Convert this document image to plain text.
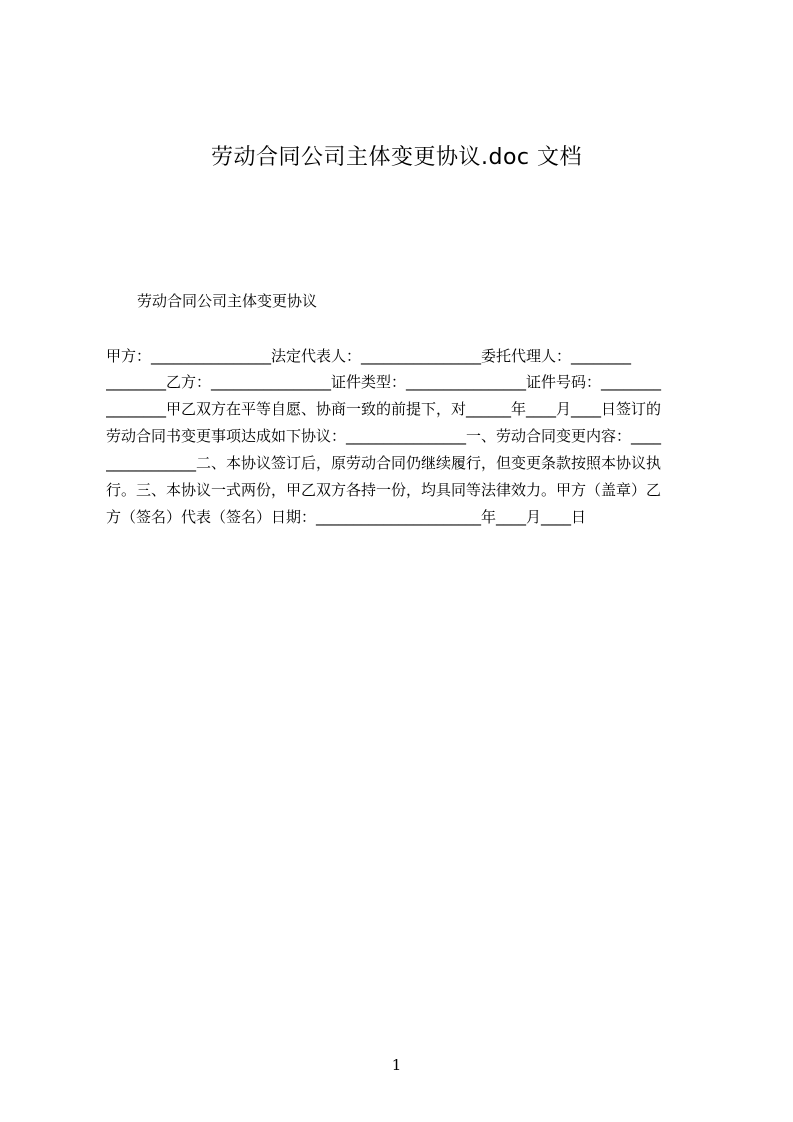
劳动合同公司主体变更协议.doc 文档
劳动合同公司主体变更协议
甲方：________________法定代表人：________________委托代理人：________
________乙方：________________证件类型：________________证件号码：________
________甲乙双方在平等自愿、协商一致的前提下，对______年____月____日签订的
劳动合同书变更事项达成如下协议：________________一、劳动合同变更内容：____
____________二、本协议签订后，原劳动合同仍继续履行，但变更条款按照本协议执
行。三、本协议一式两份，甲乙双方各持一份，均具同等法律效力。甲方（盖章）乙
方（签名）代表（签名）日期：______________________年____月____日
1
